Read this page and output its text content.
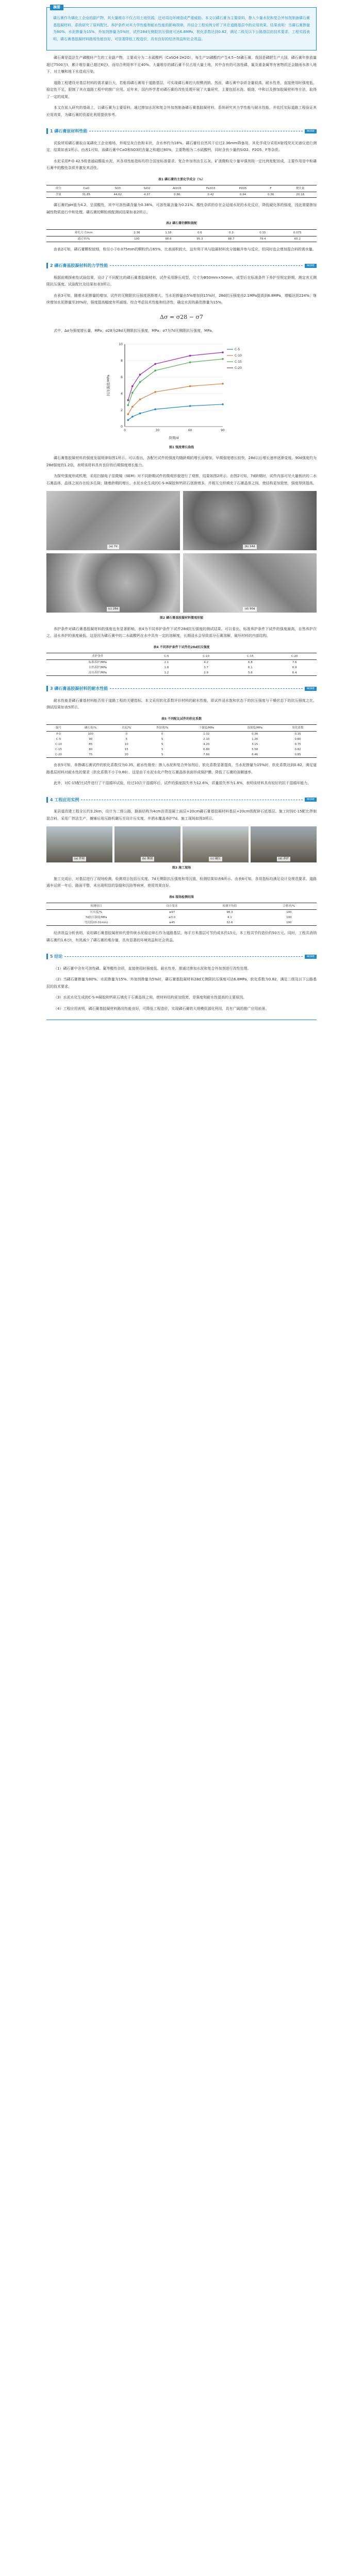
摘要

磷石膏作为磷化工企业的副产物，其大量堆存不仅占用土地资源，还对周边环境造成严重威胁。本文以磷石膏为主要原料，掺入少量水泥和复合外加剂制备磷石膏基胶凝材料，系统研究了原料配比、养护条件对其力学性能和耐水性能的影响规律，并结合工程实例分析了其在道路基层中的应用效果。结果表明：当磷石膏掺量为80%、水泥掺量为15%、外加剂掺量为5%时，试件28d无侧限抗压强度可达6.8MPa，软化系数达到0.82，满足二级及以下公路基层的技术要求。工程实践表明，磷石膏基胶凝材料路用性能良好，可显著降低工程造价，具有良好的经济效益和社会效益。

磷石膏是湿法生产磷酸时产生的工业副产物，主要成分为二水硫酸钙（CaSO4·2H2O），每生产1t磷酸约产生4.5~5t磷石膏。我国是磷肥生产大国，磷石膏年排放量超过7500万t，累计堆存量已超过6亿t，而综合利用率不足40%。大量堆存的磷石膏不仅占用大量土地，其中含有的可溶性磷、氟及重金属等有害物质还会随雨水渗入地下，对土壤和地下水造成污染。

道路工程建设对基层材料的需求量巨大，若能将磷石膏用于道路基层，可实现磷石膏的大规模消纳。然而，磷石膏中杂质含量较高、耐水性差，直接使用时强度低、稳定性不足，限制了其在道路工程中的推广应用。近年来，国内外学者对磷石膏的改性处理开展了大量研究，主要包括水洗、煅烧、中和以及掺加胶凝材料等方法，取得了一定的成果。

本文在前人研究的基础上，以磷石膏为主要原料，通过掺加水泥和复合外加剂制备磷石膏基胶凝材料，系统研究其力学性能与耐水性能，并依托实际道路工程验证其应用效果，为磷石膏的资源化利用提供参考。

1 磷石膏原材料性能	MORE

试验所用磷石膏取自某磷化工企业堆场，外观呈灰白色粉末状，含水率约为18%。磷石膏经自然风干后过2.36mm筛备用，其化学成分采用X射线荧光光谱仪进行测定，结果如表1所示。由表1可知，该磷石膏中CaO和SO3的含量之和超过80%，主要物相为二水硫酸钙，同时含有少量的SiO2、P2O5、F等杂质。

水泥采用P·O 42.5级普通硅酸盐水泥，其各项性能指标均符合国家标准要求。复合外加剂由生石灰、矿渣微粉及少量早强剂按一定比例复配而成，主要作用是中和磷石膏中的酸性杂质并激发其活性。

表1 磷石膏的主要化学成分（%）
成分	CaO	SO3	SiO2	Al2O3	Fe2O3	P2O5	F	烧失量
含量	31.85	44.62	4.37	0.86	0.42	0.94	0.36	20.18

磷石膏的pH值为4.2，呈弱酸性，其中可溶性磷含量为0.38%，可溶性氟含量为0.21%。酸性杂质的存在会延缓水泥的水化反应，降低硬化体的强度，因此需要掺加碱性物质进行中和处理。磷石膏的颗粒级配测试结果如表2所示。

表2 磷石膏的颗粒级配
筛孔尺寸/mm	2.36	1.18	0.6	0.3	0.15	0.075
通过率/%	100	98.6	95.3	88.7	79.4	65.2

由表2可知，磷石膏颗粒较细，粒径小于0.075mm的颗粒约占65%，比表面积较大，这有利于其与胶凝材料充分接触并参与反应，但同时也会增加混合料的需水量。

2 磷石膏基胶凝材料的力学性能	MORE

根据前期探索性试验结果，设计了不同配比的磷石膏基胶凝材料，试件采用静压成型，尺寸为Φ50mm×50mm，成型后在标准条件下养护至规定龄期，测定其无侧限抗压强度。试验配比及结果如表3所示。

由表3可知，随着水泥掺量的增加，试件的无侧限抗压强度逐渐增大。当水泥掺量由5%增加到15%时，28d抗压强度由2.1MPa提高到6.8MPa，增幅达到224%；继续增加水泥掺量至20%时，强度提高幅度有所减缓。综合考虑技术性能和经济性，确定水泥的最佳掺量为15%。

Δσ = σ28 − σ7

式中，Δσ为强度增长量，MPa；σ28为28d无侧限抗压强度，MPa；σ7为7d无侧限抗压强度，MPa。

0
2
4
6
8
10
0	30	60	90
龄期/d
抗压强度/MPa
C-5
C-10
C-15
C-20
图1 强度增长曲线

磷石膏基胶凝材料的强度发展规律如图1所示。可以看出，各配比试件的强度均随龄期的增长而增加，早期强度增长较快，28d以后增长速率逐渐变缓，90d强度约为28d强度的1.2倍，表明该材料具有良好的后期强度增长能力。

为探究强度形成机理，采用扫描电子显微镜（SEM）对不同龄期试件的微观形貌进行了观察，结果如图2所示。由图2可知，7d龄期时，试件内部可见大量板状的二水石膏晶体，晶体之间存在较多孔隙；随着龄期的增长，水泥水化生成的C-S-H凝胶和钙矾石逐渐增多，并相互交织填充于石膏晶体之间，使结构更加致密，强度得到提高。

(a) 7d	(b) 14d
(c) 28d	(d) 90d
图2 磷石膏基胶凝材料微观形貌

养护条件对磷石膏基胶凝材料的强度也有显著影响。表4为不同养护条件下试件28d抗压强度的测试结果。可以看出，标准养护条件下试件的强度最高，自然养护次之，浸水养护的强度最低。这是因为磷石膏中的二水硫酸钙在水中具有一定的溶解度，长期浸水会导致部分石膏溶解，破坏材料的内部结构。

表4 不同养护条件下试件的28d抗压强度
养护条件	C-5	C-10	C-15	C-20
标准养护/MPa	2.1	4.2	6.8	7.6
自然养护/MPa	1.8	3.7	6.1	6.9
浸水养护/MPa	1.2	2.9	5.6	6.4
3 磷石膏基胶凝材料的耐水性能	MORE

耐水性能是磷石膏基材料能否用于道路工程的关键指标。本文采用软化系数评价材料的耐水性能，即试件浸水饱和状态下的抗压强度与干燥状态下的抗压强度之比。测试结果如表5所示。

表5 不同配比试件的软化系数
编号	磷石膏/%	水泥/%	外加剂/%	干强度/MPa	湿强度/MPa	软化系数
P-0	100	0	0	1.02	0.36	0.35
C-5	90	5	5	2.10	1.26	0.60
C-10	85	10	5	4.20	3.15	0.75
C-15	80	15	5	6.80	5.58	0.82
C-20	75	20	5	7.60	6.46	0.85

由表5可知，单掺磷石膏试件的软化系数仅为0.35，耐水性极差；掺入水泥和复合外加剂后，软化系数显著提高，当水泥掺量为15%时，软化系数达到0.82，满足道路基层材料对耐水性的要求（软化系数不小于0.80）。这是由于水泥水化产物在石膏晶体表面形成保护膜，降低了石膏的溶解速率。

此外，对C-15配比试件进行了干湿循环试验，经过10次干湿循环后，试件的强度损失率为12.6%，质量损失率为1.8%，表明该材料具有较好的抗干湿循环能力。

4 工程应用实例	MORE

某县道改建工程全长约3.2km，设计为二级公路，路面结构为4cm沥青混凝土面层+20cm磷石膏基胶凝材料基层+20cm级配碎石底基层。施工时按C-15配比拌制混合料，采用厂拌法生产，摊铺后用压路机碾压至设计压实度，并洒水覆盖养护7d。施工现场如图3所示。

(a) 拌和	(b) 摊铺	(c) 碾压	(d) 养护
图3 施工现场

施工完成后，对基层进行了现场检测，检测项目包括压实度、7d无侧限抗压强度和弯沉值，检测结果如表6所示。由表6可知，各项指标均满足设计及规范要求。道路通车运营一年后，路面平整，未出现明显的裂缝和沉陷等病害，使用效果良好。

表6 现场检测结果
检测项目	设计要求	检测平均值	合格率/%
压实度/%	≥97	98.3	100
7d抗压强度/MPa	≥3.0	4.1	100
弯沉值/(0.01mm)	≤45	32.6	100

经济效益分析表明，采用磷石膏基胶凝材料代替传统水泥稳定碎石作为道路基层，每平方米基层可节约成本约15元，本工程共节约造价约50万元。同时，工程共消纳磷石膏约1.6万t，有效减少了磷石膏的堆存量，具有显著的环境效益和社会效益。

5 结论	MORE

（1）磷石膏中含有可溶性磷、氟等酸性杂质，直接使用时强度低、耐水性差，需通过掺加水泥和复合外加剂进行改性处理。

（2）当磷石膏掺量为80%、水泥掺量为15%、外加剂掺量为5%时，磷石膏基胶凝材料28d无侧限抗压强度可达6.8MPa，软化系数为0.82，满足二级及以下公路基层的技术要求。

（3）水泥水化生成的C-S-H凝胶和钙矾石填充于石膏晶体之间，使材料结构更加致密，是强度和耐水性提高的主要原因。

（4）工程应用表明，磷石膏基胶凝材料路用性能良好，可降低工程造价，实现磷石膏的大规模资源化利用，具有广阔的推广应用前景。
